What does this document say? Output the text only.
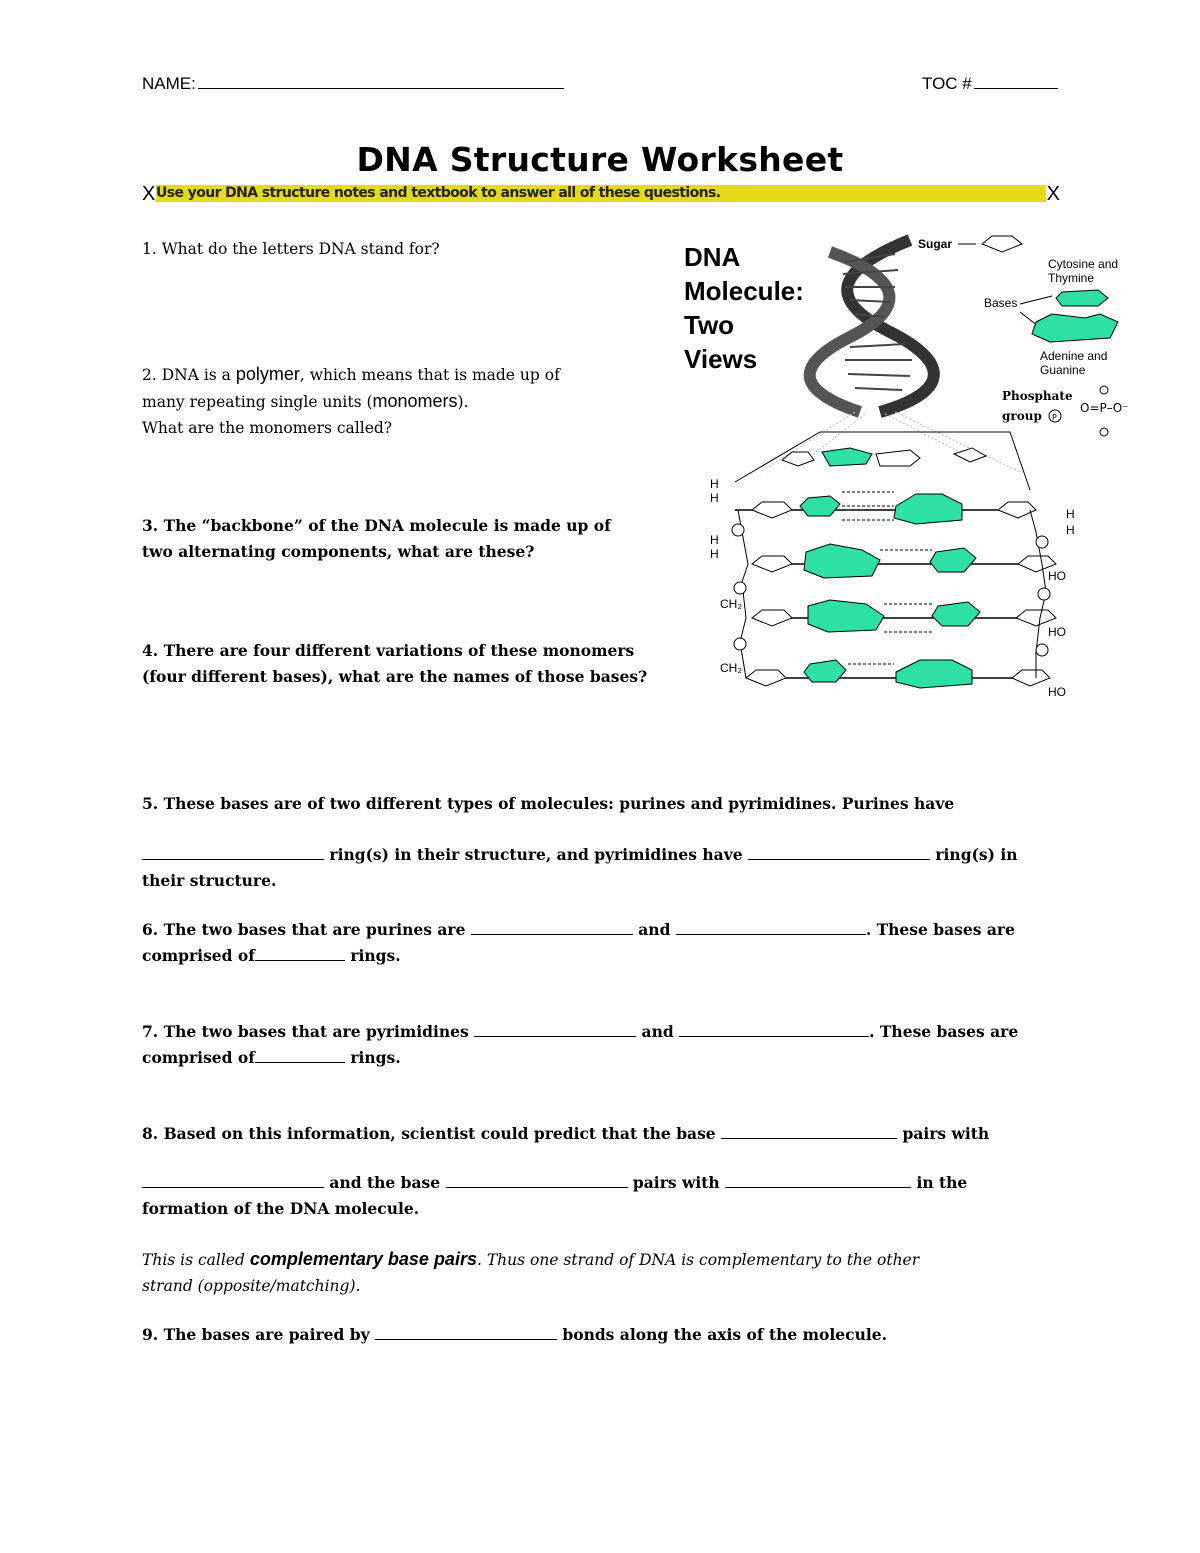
NAME:	TOC #
DNA Structure Worksheet
X Use your DNA structure notes and textbook to answer all of these questions.	X
1. What do the letters DNA stand for?
2. DNA is a polymer, which means that is made up of
many repeating single units (monomers).
What are the monomers called?
3. The “backbone” of the DNA molecule is made up of
two alternating components, what are these?
4. There are four different variations of these monomers
(four different bases), what are the names of those bases?
5. These bases are of two different types of molecules: purines and pyrimidines. Purines have
ring(s) in their structure, and pyrimidines have	ring(s) in
their structure.
6. The two bases that are purines are	and	. These bases are
comprised of	rings.
7. The two bases that are pyrimidines	and	. These bases are
comprised of	rings.
8. Based on this information, scientist could predict that the base	pairs with
and the base	pairs with	in the
formation of the DNA molecule.
This is called complementary base pairs. Thus one strand of DNA is complementary to the other
strand (opposite/matching).
9. The bases are paired by	bonds along the axis of the molecule.
DNA
Molecule:
Two
Views
Sugar
Cytosine and
Thymine
Bases
Adenine and
Guanine
Phosphate
group P
O=P–O⁻
H
H
H
H
CH₂
CH₂
H
H
HO
HO
HO
